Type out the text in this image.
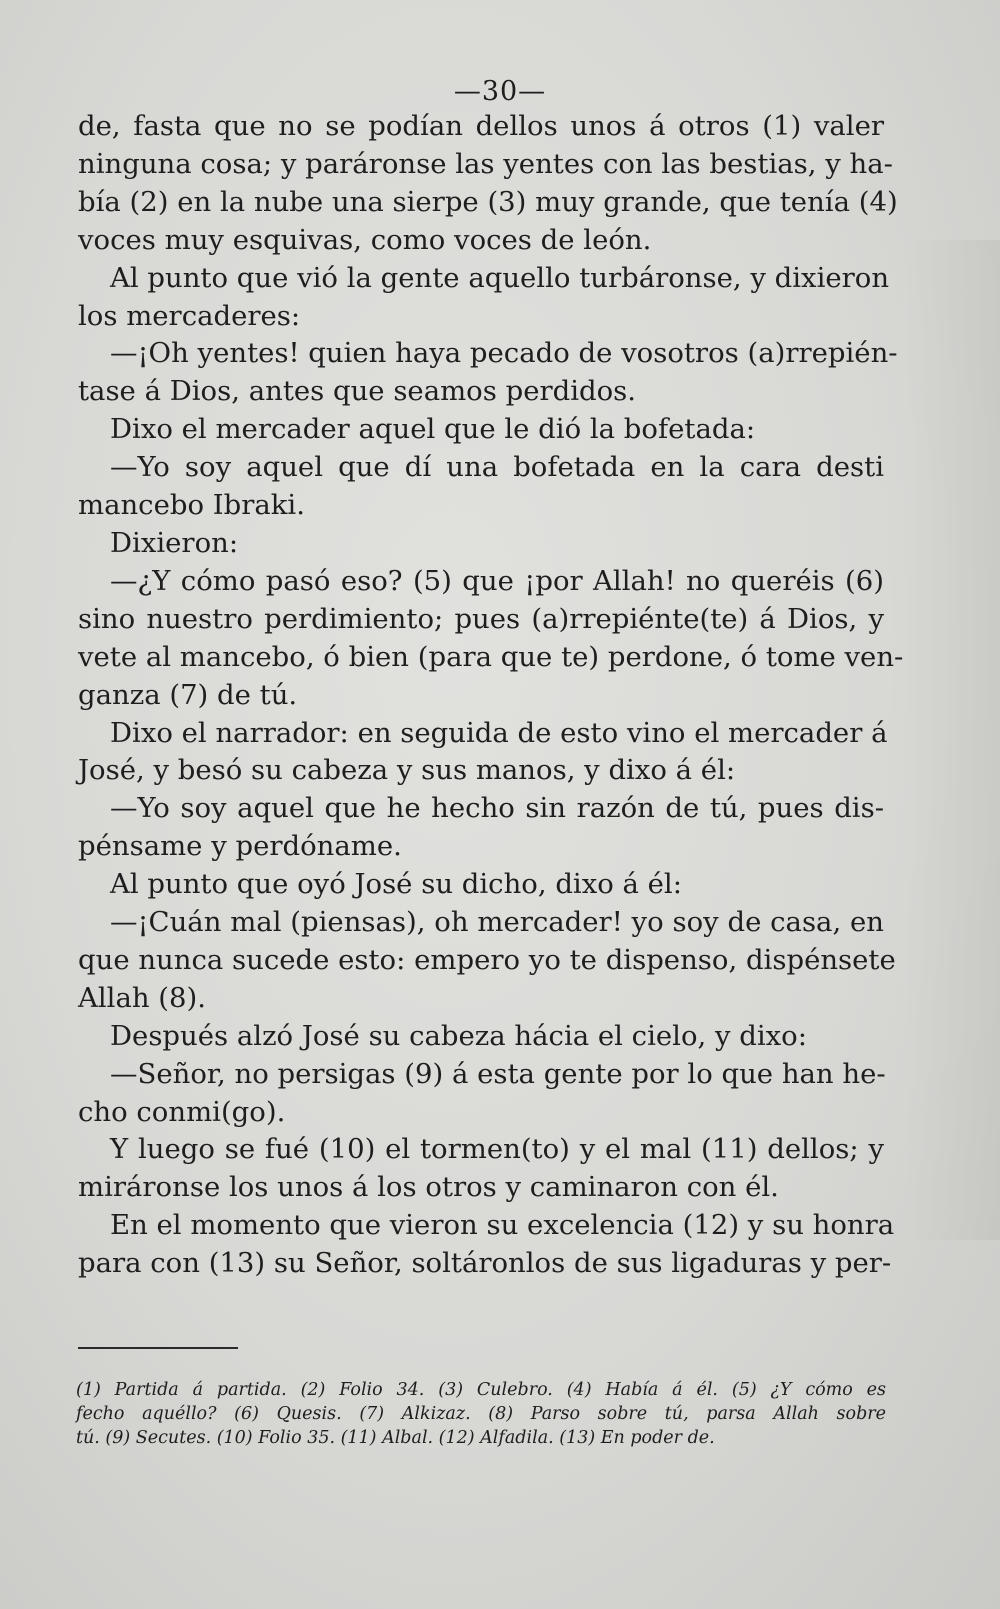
—30—

de, fasta que no se podían dellos unos á otros (1) valer
ninguna cosa; y paráronse las yentes con las bestias, y ha-
bía (2) en la nube una sierpe (3) muy grande, que tenía (4)
voces muy esquivas, como voces de león.

Al punto que vió la gente aquello turbáronse, y dixieron
los mercaderes:

—¡Oh yentes! quien haya pecado de vosotros (a)rrepién-
tase á Dios, antes que seamos perdidos.

Dixo el mercader aquel que le dió la bofetada:

—Yo soy aquel que dí una bofetada en la cara desti
mancebo Ibraki.

Dixieron:

—¿Y cómo pasó eso? (5) que ¡por Allah! no queréis (6)
sino nuestro perdimiento; pues (a)rrepiénte(te) á Dios, y
vete al mancebo, ó bien (para que te) perdone, ó tome ven-
ganza (7) de tú.

Dixo el narrador: en seguida de esto vino el mercader á
José, y besó su cabeza y sus manos, y dixo á él:

—Yo soy aquel que he hecho sin razón de tú, pues dis-
pénsame y perdóname.

Al punto que oyó José su dicho, dixo á él:

—¡Cuán mal (piensas), oh mercader! yo soy de casa, en
que nunca sucede esto: empero yo te dispenso, dispénsete
Allah (8).

Después alzó José su cabeza hácia el cielo, y dixo:

—Señor, no persigas (9) á esta gente por lo que han he-
cho conmi(go).

Y luego se fué (10) el tormen(to) y el mal (11) dellos; y
miráronse los unos á los otros y caminaron con él.

En el momento que vieron su excelencia (12) y su honra
para con (13) su Señor, soltáronlos de sus ligaduras y per-

(1) Partida á partida. (2) Folio 34. (3) Culebro. (4) Había á él. (5) ¿Y cómo es
fecho aquéllo? (6) Quesis. (7) Alkizaz. (8) Parso sobre tú, parsa Allah sobre
tú. (9) Secutes. (10) Folio 35. (11) Albal. (12) Alfadila. (13) En poder de.
